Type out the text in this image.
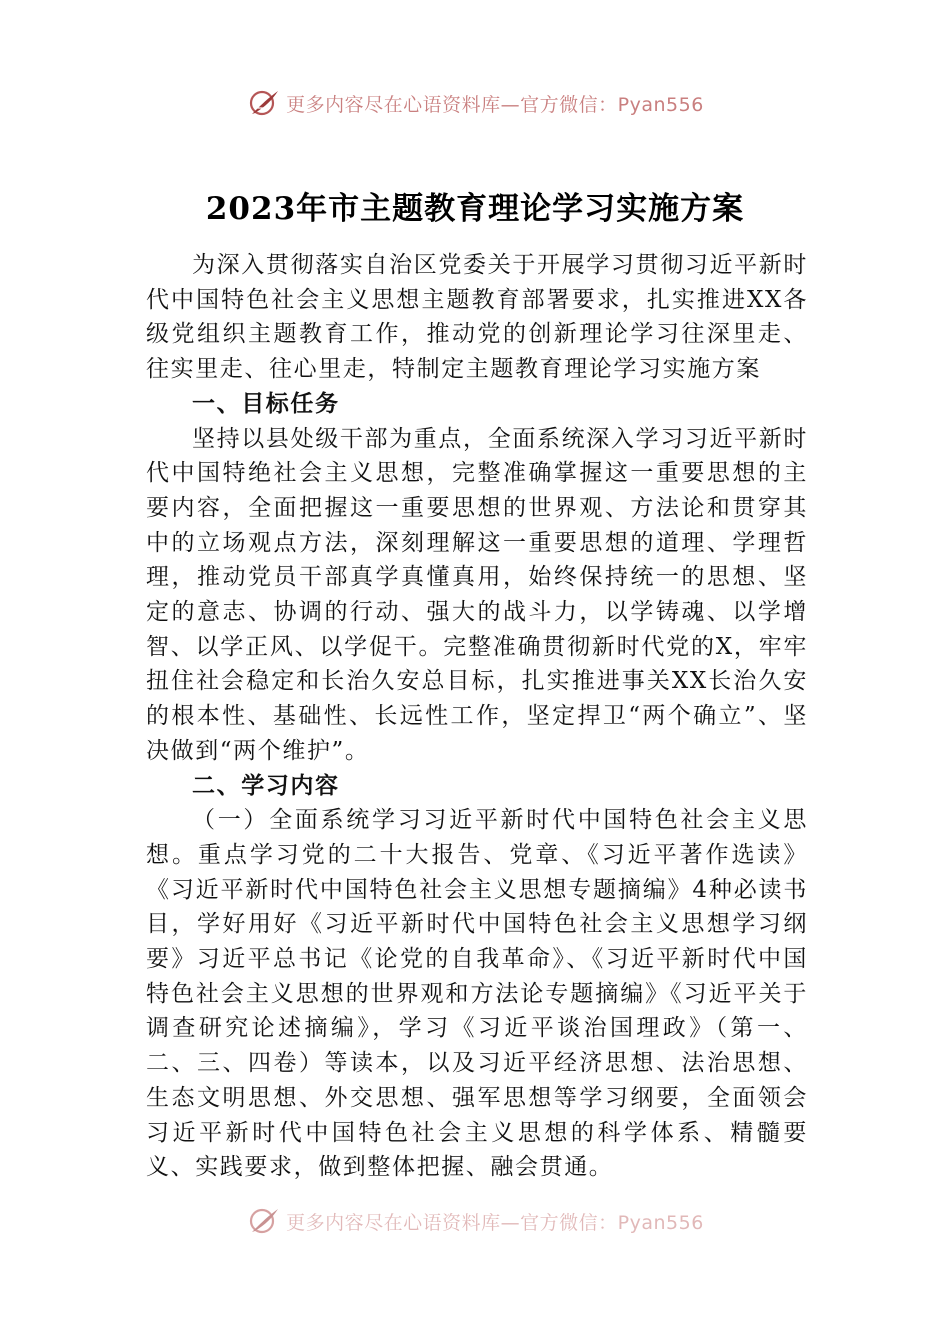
更多内容尽在心语资料库—官方微信：Pyan556
2023年市主题教育理论学习实施方案

为深入贯彻落实自治区党委关于开展学习贯彻习近平新时代中国特色社会主义思想主题教育部署要求，扎实推进XX各级党组织主题教育工作，推动党的创新理论学习往深里走、往实里走、往心里走，特制定主题教育理论学习实施方案

一、目标任务

坚持以县处级干部为重点，全面系统深入学习习近平新时代中国特绝社会主义思想，完整准确掌握这一重要思想的主要内容，全面把握这一重要思想的世界观、方法论和贯穿其中的立场观点方法，深刻理解这一重要思想的道理、学理哲理，推动党员干部真学真懂真用，始终保持统一的思想、坚定的意志、协调的行动、强大的战斗力，以学铸魂、以学增智、以学正风、以学促干。完整准确贯彻新时代党的X，牢牢扭住社会稳定和长治久安总目标，扎实推进事关XX长治久安的根本性、基础性、长远性工作，坚定捍卫“两个确立”、坚决做到“两个维护”。

二、学习内容

（一）全面系统学习习近平新时代中国特色社会主义思想。重点学习党的二十大报告、党章、《习近平著作选读》《习近平新时代中国特色社会主义思想专题摘编》4种必读书目，学好用好《习近平新时代中国特色社会主义思想学习纲要》习近平总书记《论党的自我革命》、《习近平新时代中国特色社会主义思想的世界观和方法论专题摘编》《习近平关于调查研究论述摘编》，学习《习近平谈治国理政》（第一、二、三、四卷）等读本，以及习近平经济思想、法治思想、生态文明思想、外交思想、强军思想等学习纲要，全面领会习近平新时代中国特色社会主义思想的科学体系、精髓要义、实践要求，做到整体把握、融会贯通。

更多内容尽在心语资料库—官方微信：Pyan556
